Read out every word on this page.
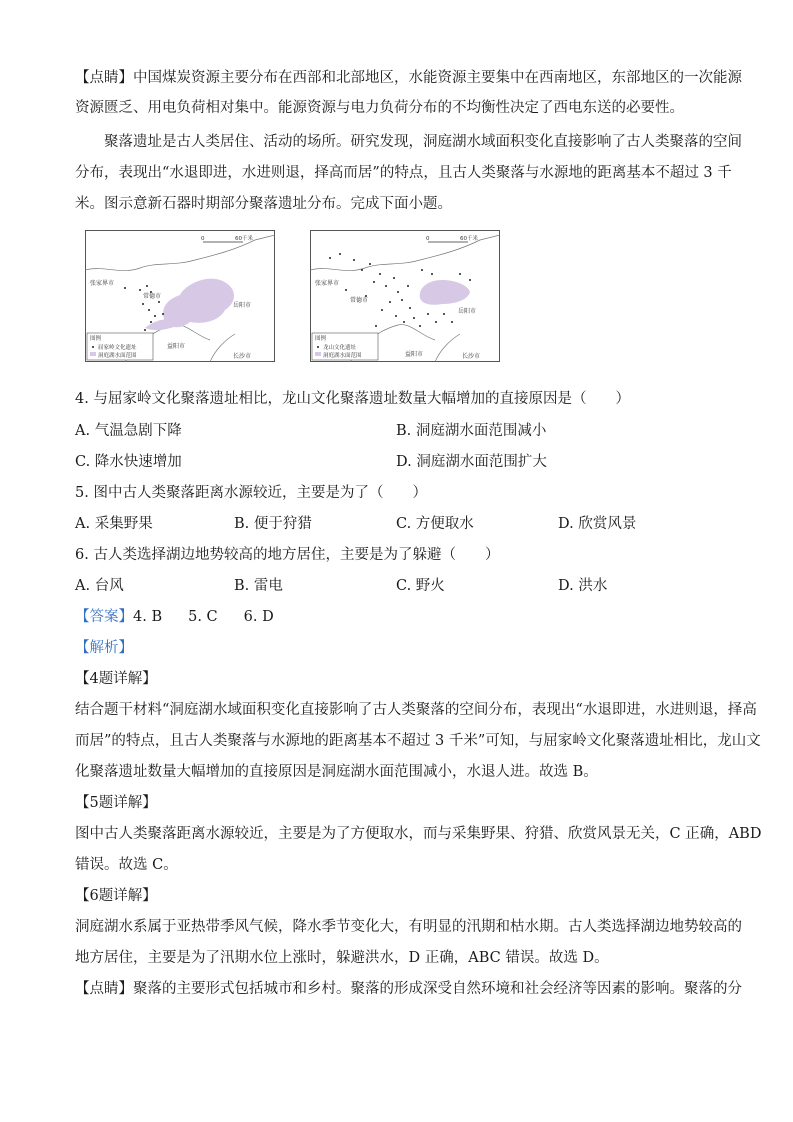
【点睛】中国煤炭资源主要分布在西部和北部地区，水能资源主要集中在西南地区，东部地区的一次能源
资源匮乏、用电负荷相对集中。能源资源与电力负荷分布的不均衡性决定了西电东送的必要性。
聚落遗址是古人类居住、活动的场所。研究发现，洞庭湖水域面积变化直接影响了古人类聚落的空间
分布，表现出“水退即进，水进则退，择高而居”的特点，且古人类聚落与水源地的距离基本不超过 3 千
米。图示意新石器时期部分聚落遗址分布。完成下面小题。
0	60千米
张家界市
常德市
岳阳市
益阳市
长沙市
图例
屈家岭文化遗址
洞庭湖水面范围
0	60千米
张家界市
常德市
岳阳市
益阳市	长沙市
图例
龙山文化遗址
洞庭湖水面范围
4. 与屈家岭文化聚落遗址相比，龙山文化聚落遗址数量大幅增加的直接原因是（　　）
A. 气温急剧下降	B. 洞庭湖水面范围减小
C. 降水快速增加	D. 洞庭湖水面范围扩大
5. 图中古人类聚落距离水源较近，主要是为了（　　）
A. 采集野果	B. 便于狩猎	C. 方便取水	D. 欣赏风景
6. 古人类选择湖边地势较高的地方居住，主要是为了躲避（　　）
A. 台风	B. 雷电	C. 野火	D. 洪水
【答案】4. B 5. C 6. D
【解析】
【4题详解】
结合题干材料“洞庭湖水域面积变化直接影响了古人类聚落的空间分布，表现出“水退即进，水进则退，择高
而居”的特点，且古人类聚落与水源地的距离基本不超过 3 千米”可知，与屈家岭文化聚落遗址相比，龙山文
化聚落遗址数量大幅增加的直接原因是洞庭湖水面范围减小，水退人进。故选 B。
【5题详解】
图中古人类聚落距离水源较近，主要是为了方便取水，而与采集野果、狩猎、欣赏风景无关，C 正确，ABD
错误。故选 C。
【6题详解】
洞庭湖水系属于亚热带季风气候，降水季节变化大，有明显的汛期和枯水期。古人类选择湖边地势较高的
地方居住，主要是为了汛期水位上涨时，躲避洪水，D 正确，ABC 错误。故选 D。
【点睛】聚落的主要形式包括城市和乡村。聚落的形成深受自然环境和社会经济等因素的影响。聚落的分
